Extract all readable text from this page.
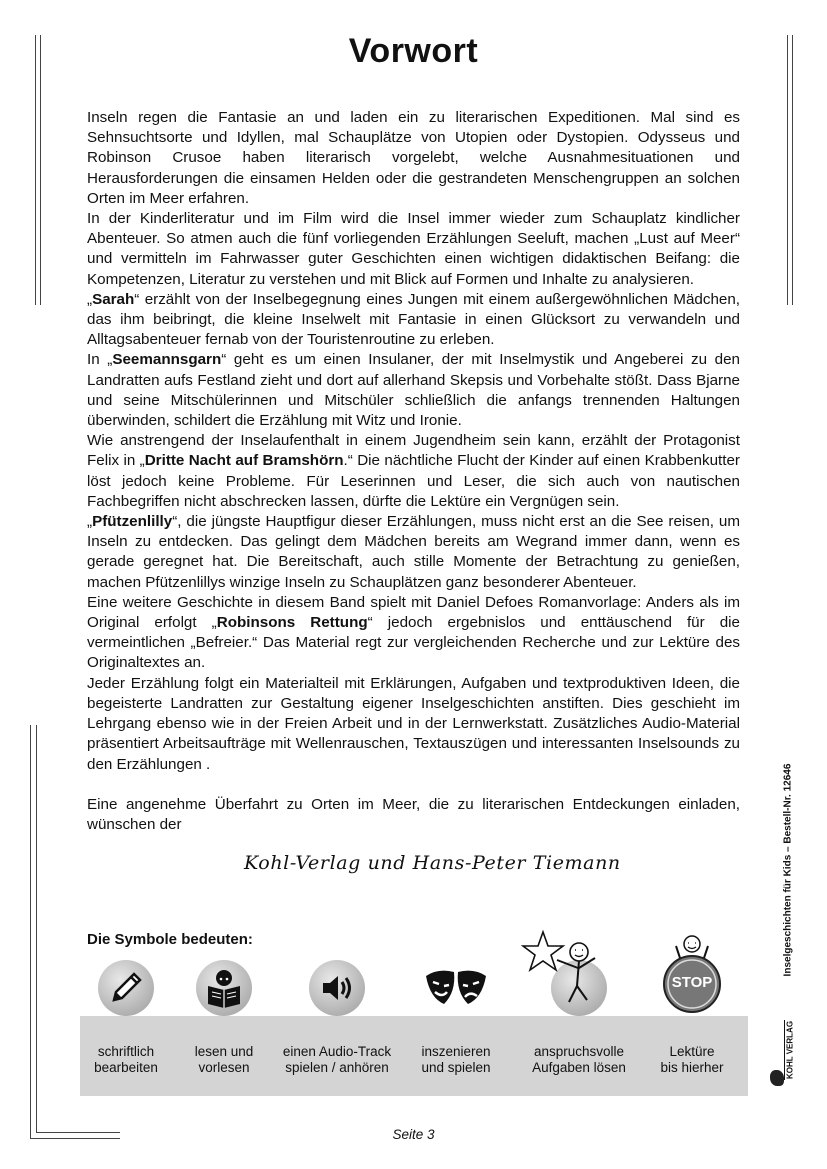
Vorwort

Inseln regen die Fantasie an und laden ein zu literarischen Expeditionen. Mal sind es Sehnsuchtsorte und Idyllen, mal Schauplätze von Utopien oder Dystopien. Odysseus und Robinson Crusoe haben literarisch vorgelebt, welche Ausnahmesituationen und Herausforderungen die einsamen Helden oder die gestrandeten Menschengruppen an solchen Orten im Meer erfahren.

In der Kinderliteratur und im Film wird die Insel immer wieder zum Schauplatz kindlicher Abenteuer. So atmen auch die fünf vorliegenden Erzählungen Seeluft, machen „Lust auf Meer“ und vermitteln im Fahrwasser guter Geschichten einen wichtigen didaktischen Beifang: die Kompetenzen, Literatur zu verstehen und mit Blick auf Formen und Inhalte zu analysieren.

„Sarah“ erzählt von der Inselbegegnung eines Jungen mit einem außergewöhnlichen Mädchen, das ihm beibringt, die kleine Inselwelt mit Fantasie in einen Glücksort zu verwandeln und Alltagsabenteuer fernab von der Touristenroutine zu erleben.

In „Seemannsgarn“ geht es um einen Insulaner, der mit Inselmystik und Angeberei zu den Landratten aufs Festland zieht und dort auf allerhand Skepsis und Vorbehalte stößt. Dass Bjarne und seine Mitschülerinnen und Mitschüler schließlich die anfangs trennenden Haltungen überwinden, schildert die Erzählung mit Witz und Ironie.

Wie anstrengend der Inselaufenthalt in einem Jugendheim sein kann, erzählt der Protagonist Felix in „Dritte Nacht auf Bramshörn.“ Die nächtliche Flucht der Kinder auf einen Krabbenkutter löst jedoch keine Probleme. Für Leserinnen und Leser, die sich auch von nautischen Fachbegriffen nicht abschrecken lassen, dürfte die Lektüre ein Vergnügen sein.

„Pfützenlilly“, die jüngste Hauptfigur dieser Erzählungen, muss nicht erst an die See reisen, um Inseln zu entdecken. Das gelingt dem Mädchen bereits am Wegrand immer dann, wenn es gerade geregnet hat. Die Bereitschaft, auch stille Momente der Betrachtung zu genießen, machen Pfützenlillys winzige Inseln zu Schauplätzen ganz besonderer Abenteuer.

Eine weitere Geschichte in diesem Band spielt mit Daniel Defoes Romanvorlage: Anders als im Original erfolgt „Robinsons Rettung“ jedoch ergebnislos und enttäuschend für die vermeintlichen „Befreier.“ Das Material regt zur vergleichenden Recherche und zur Lektüre des Originaltextes an.

Jeder Erzählung folgt ein Materialteil mit Erklärungen, Aufgaben und textproduktiven Ideen, die begeisterte Landratten zur Gestaltung eigener Inselgeschichten anstiften. Dies geschieht im Lehrgang ebenso wie in der Freien Arbeit und in der Lernwerkstatt. Zusätzliches Audio-Material präsentiert Arbeitsaufträge mit Wellenrauschen, Textauszügen und interessanten Inselsounds zu den Erzählungen .

Eine angenehme Überfahrt zu Orten im Meer, die zu literarischen Entdeckungen einladen, wünschen der

Kohl-Verlag und Hans-Peter Tiemann
Die Symbole bedeuten:
schriftlich
bearbeiten
lesen und
vorlesen
einen Audio-Track
spielen / anhören
inszenieren
und spielen
anspruchsvolle
Aufgaben lösen
STOP
Lektüre
bis hierher
Inselgeschichten für Kids – Bestell-Nr. 12646
KOHL VERLAG
Seite 3
